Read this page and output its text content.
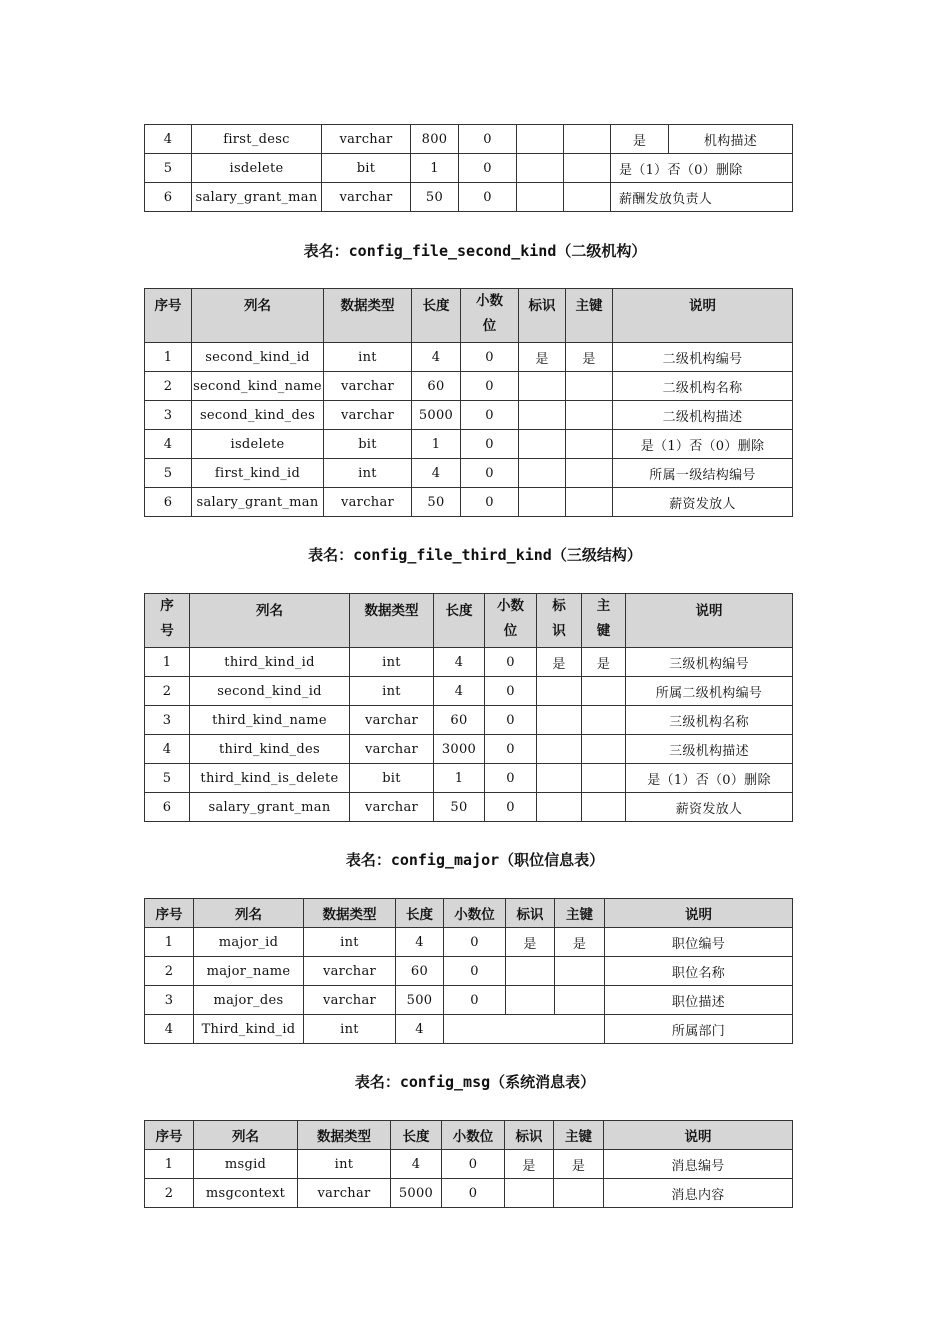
4	first_desc	varchar	800	0			是	机构描述
5	isdelete	bit	1	0			是（1）否（0）删除	
6	salary_grant_man	varchar	50	0			薪酬发放负责人	
表名：config_file_second_kind（二级机构）
序号	列名	数据类型	长度	小数位	标识	主键	说明
1	second_kind_id	int	4	0	是	是	二级机构编号
2	second_kind_name	varchar	60	0			二级机构名称
3	second_kind_des	varchar	5000	0			二级机构描述
4	isdelete	bit	1	0			是（1）否（0）删除
5	first_kind_id	int	4	0			所属一级结构编号
6	salary_grant_man	varchar	50	0			薪资发放人
表名：config_file_third_kind（三级结构）
序号	列名	数据类型	长度	小数位	标识	主键	说明
1	third_kind_id	int	4	0	是	是	三级机构编号
2	second_kind_id	int	4	0			所属二级机构编号
3	third_kind_name	varchar	60	0			三级机构名称
4	third_kind_des	varchar	3000	0			三级机构描述
5	third_kind_is_delete	bit	1	0			是（1）否（0）删除
6	salary_grant_man	varchar	50	0			薪资发放人
表名：config_major（职位信息表）
序号	列名	数据类型	长度	小数位	标识	主键	说明
1	major_id	int	4	0	是	是	职位编号
2	major_name	varchar	60	0			职位名称
3	major_des	varchar	500	0			职位描述
4	Third_kind_id	int	4				所属部门
表名：config_msg（系统消息表）
序号	列名	数据类型	长度	小数位	标识	主键	说明
1	msgid	int	4	0	是	是	消息编号
2	msgcontext	varchar	5000	0			消息内容
